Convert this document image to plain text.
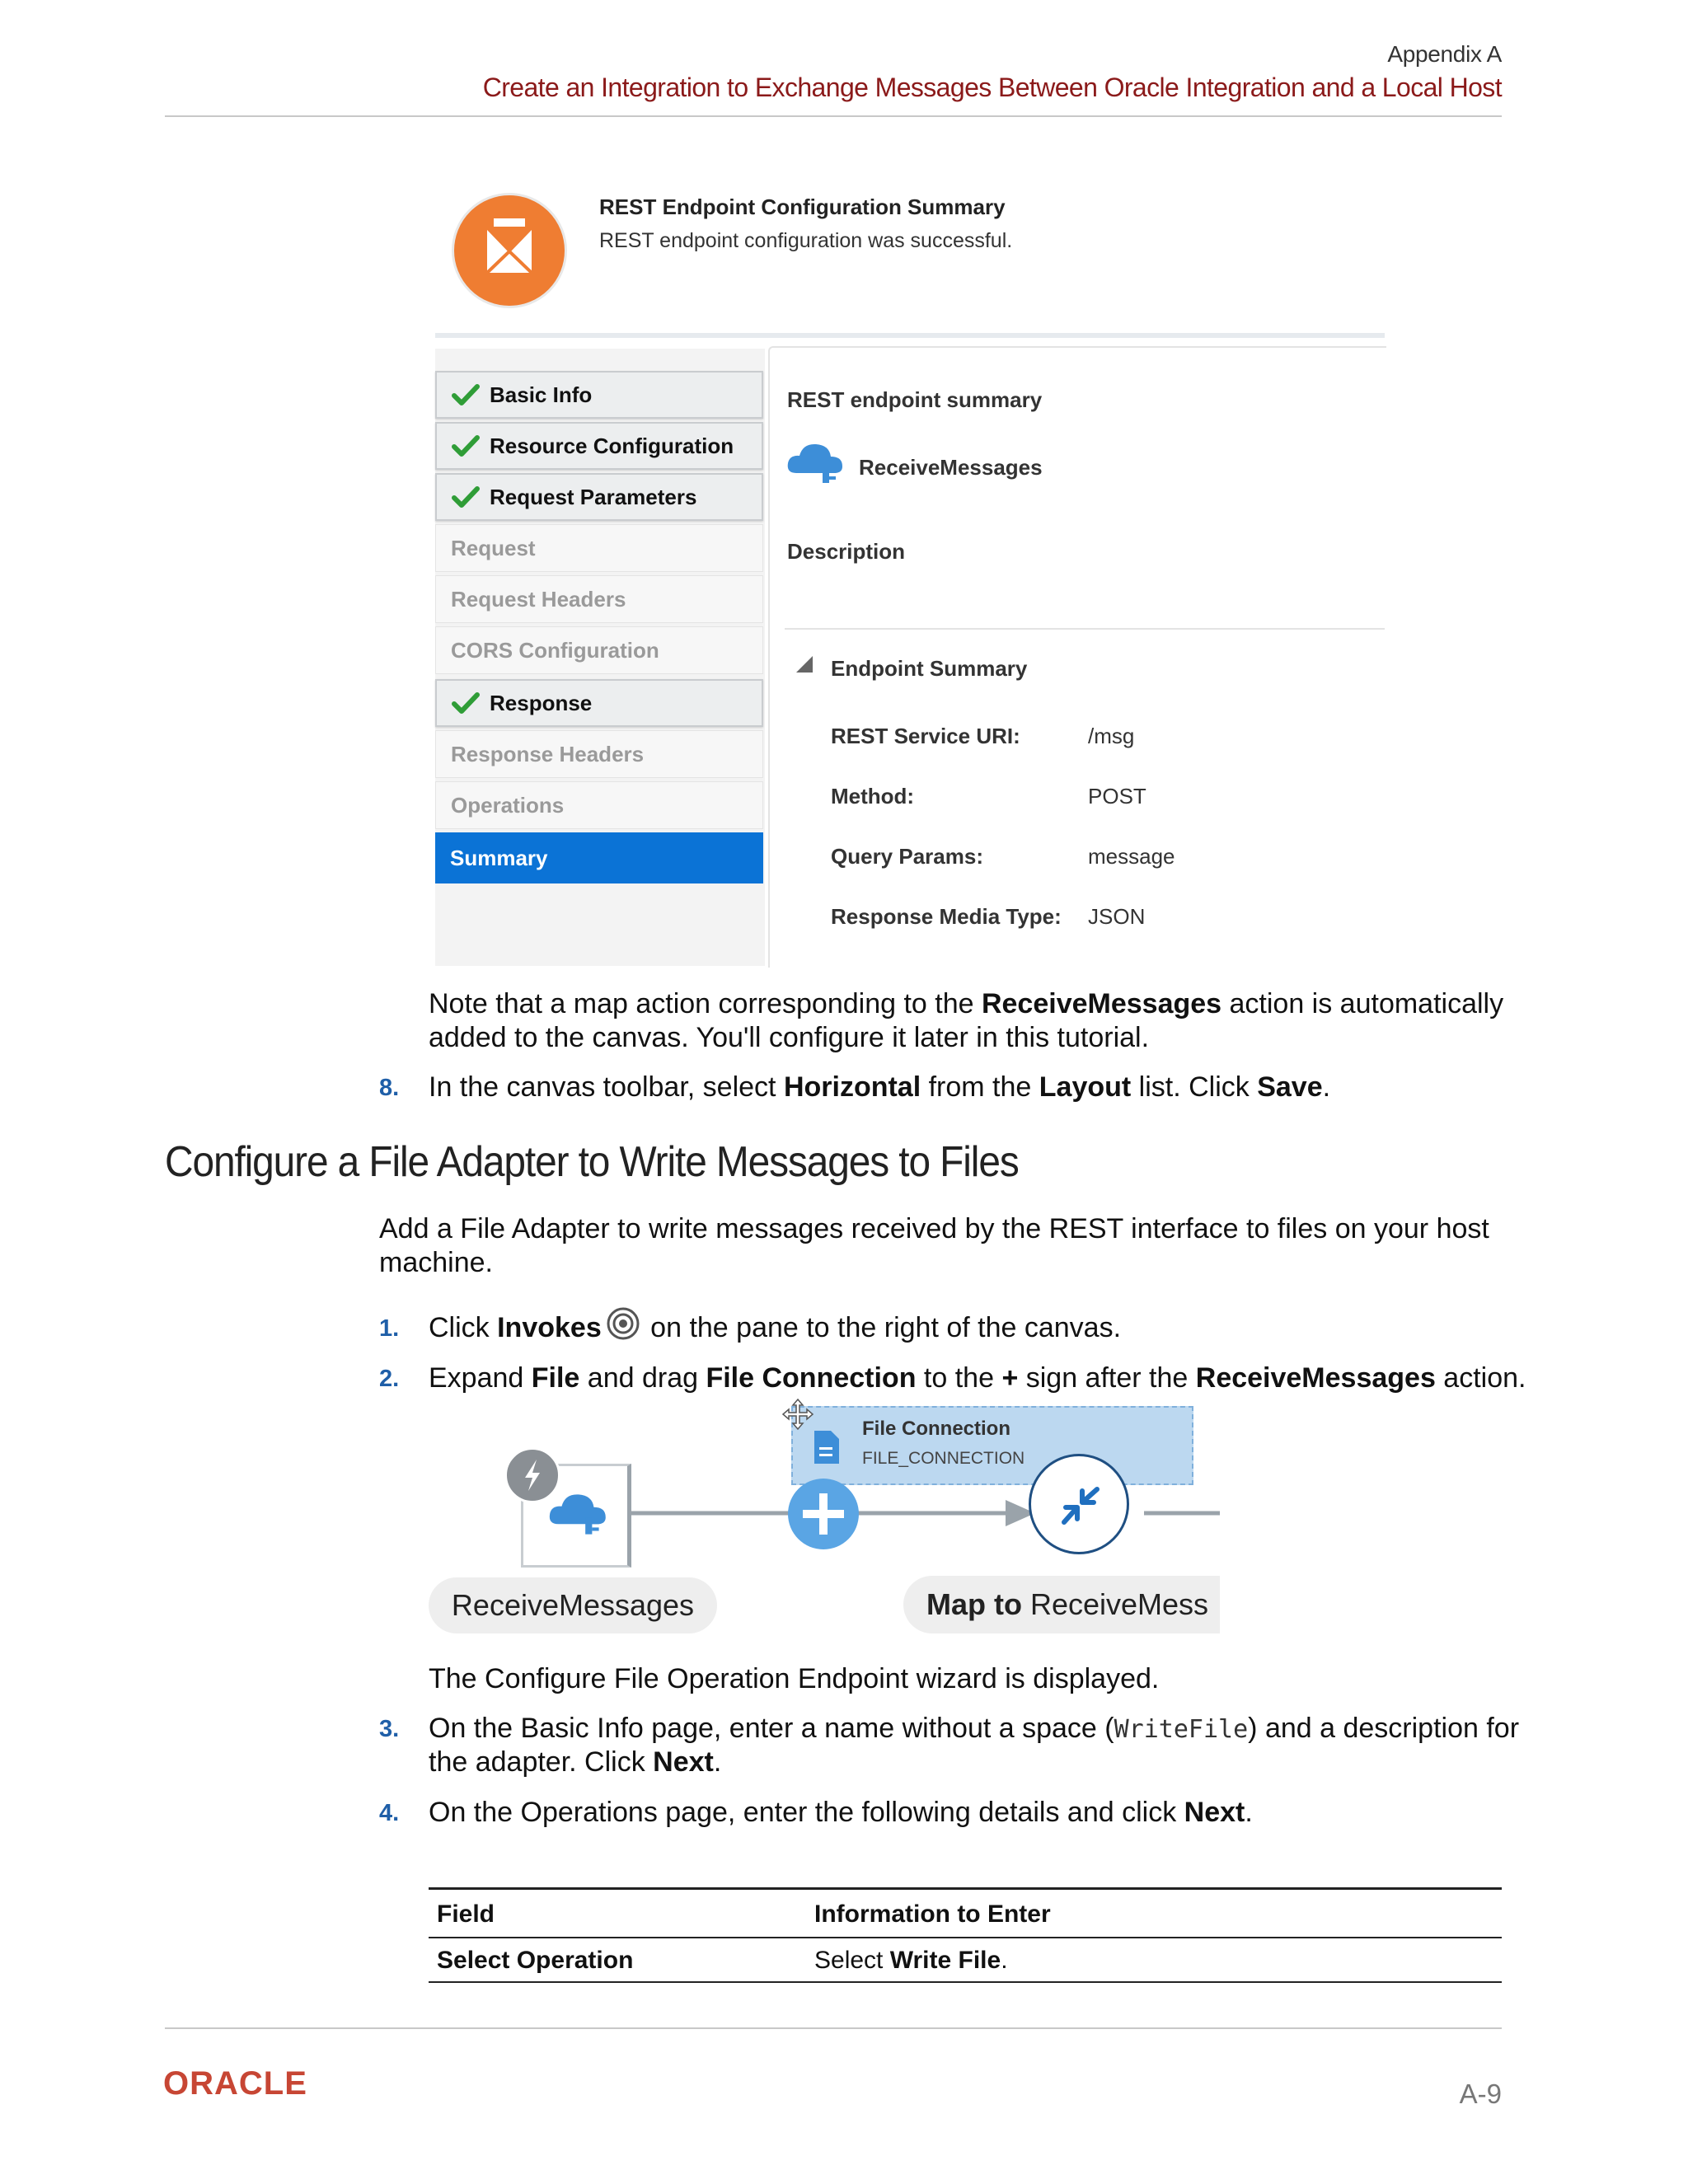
Appendix A
Create an Integration to Exchange Messages Between Oracle Integration and a Local Host
REST Endpoint Configuration Summary
REST endpoint configuration was successful.
Basic Info
Resource Configuration
Request Parameters
Request
Request Headers
CORS Configuration
Response
Response Headers
Operations
Summary
REST endpoint summary
ReceiveMessages
Description
Endpoint Summary
REST Service URI:	/msg
Method:	POST
Query Params:	message
Response Media Type: JSON
Note that a map action corresponding to the ReceiveMessages action is automatically
added to the canvas. You'll configure it later in this tutorial.
8. In the canvas toolbar, select Horizontal from the Layout list. Click Save.
Configure a File Adapter to Write Messages to Files
Add a File Adapter to write messages received by the REST interface to files on your host
machine.
1. Click Invokes
on the pane to the right of the canvas.
2. Expand File and drag File Connection to the + sign after the ReceiveMessages action.
File Connection
FILE_CONNECTION
ReceiveMessages	Map to ReceiveMess
The Configure File Operation Endpoint wizard is displayed.
3. On the Basic Info page, enter a name without a space (WriteFile) and a description for
the adapter. Click Next.
4. On the Operations page, enter the following details and click Next.
Field	Information to Enter
Select Operation	Select Write File.
ORACLE	A-9
